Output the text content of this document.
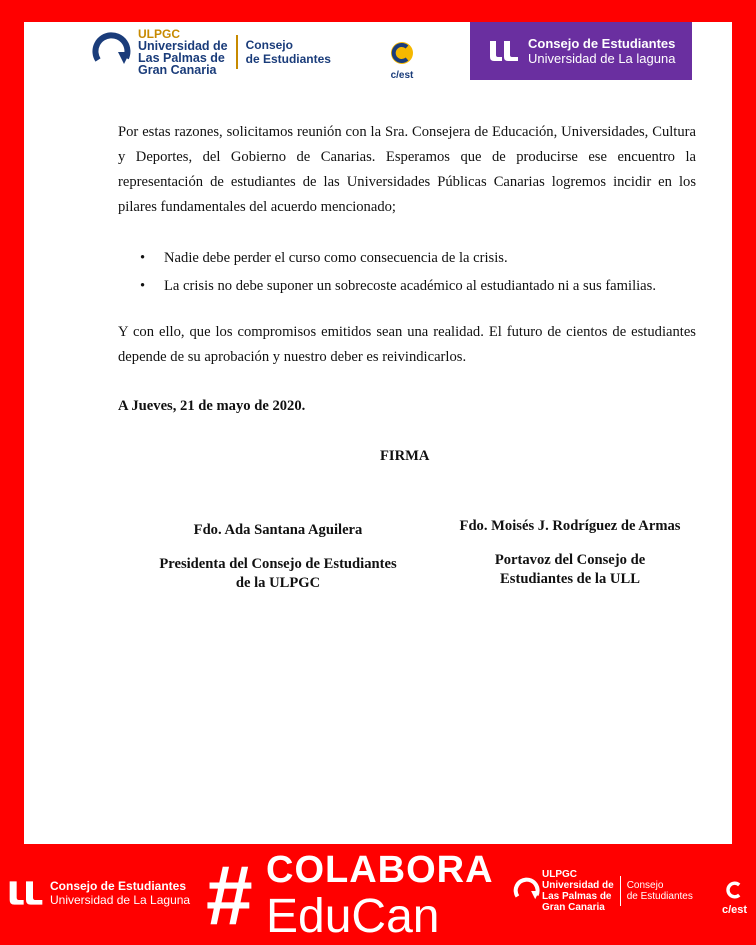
ULPGC
Universidad de
Las Palmas de
Gran Canaria
Consejo
de Estudiantes
c/est
Consejo de Estudiantes
Universidad de La laguna
Por estas razones, solicitamos reunión con la Sra. Consejera de Educación, Universidades, Cultura y Deportes, del Gobierno de Canarias. Esperamos que de producirse ese encuentro la representación de estudiantes de las Universidades Públicas Canarias logremos incidir en los pilares fundamentales del acuerdo mencionado;
•	Nadie debe perder el curso como consecuencia de la crisis.
•	La crisis no debe suponer un sobrecoste académico al estudiantado ni a sus familias.
Y con ello, que los compromisos emitidos sean una realidad. El futuro de cientos de estudiantes depende de su aprobación y nuestro deber es reivindicarlos.
A Jueves, 21 de mayo de 2020.
FIRMA
Fdo. Ada Santana Aguilera
Presidenta del Consejo de Estudiantes
de la ULPGC
Fdo. Moisés J. Rodríguez de Armas
Portavoz del Consejo de
Estudiantes de la ULL
Consejo de Estudiantes
Universidad de La Laguna # COLABORA
EduCan
ULPGC
Universidad de
Las Palmas de
Gran Canaria
Consejo
de Estudiantes
c/est
